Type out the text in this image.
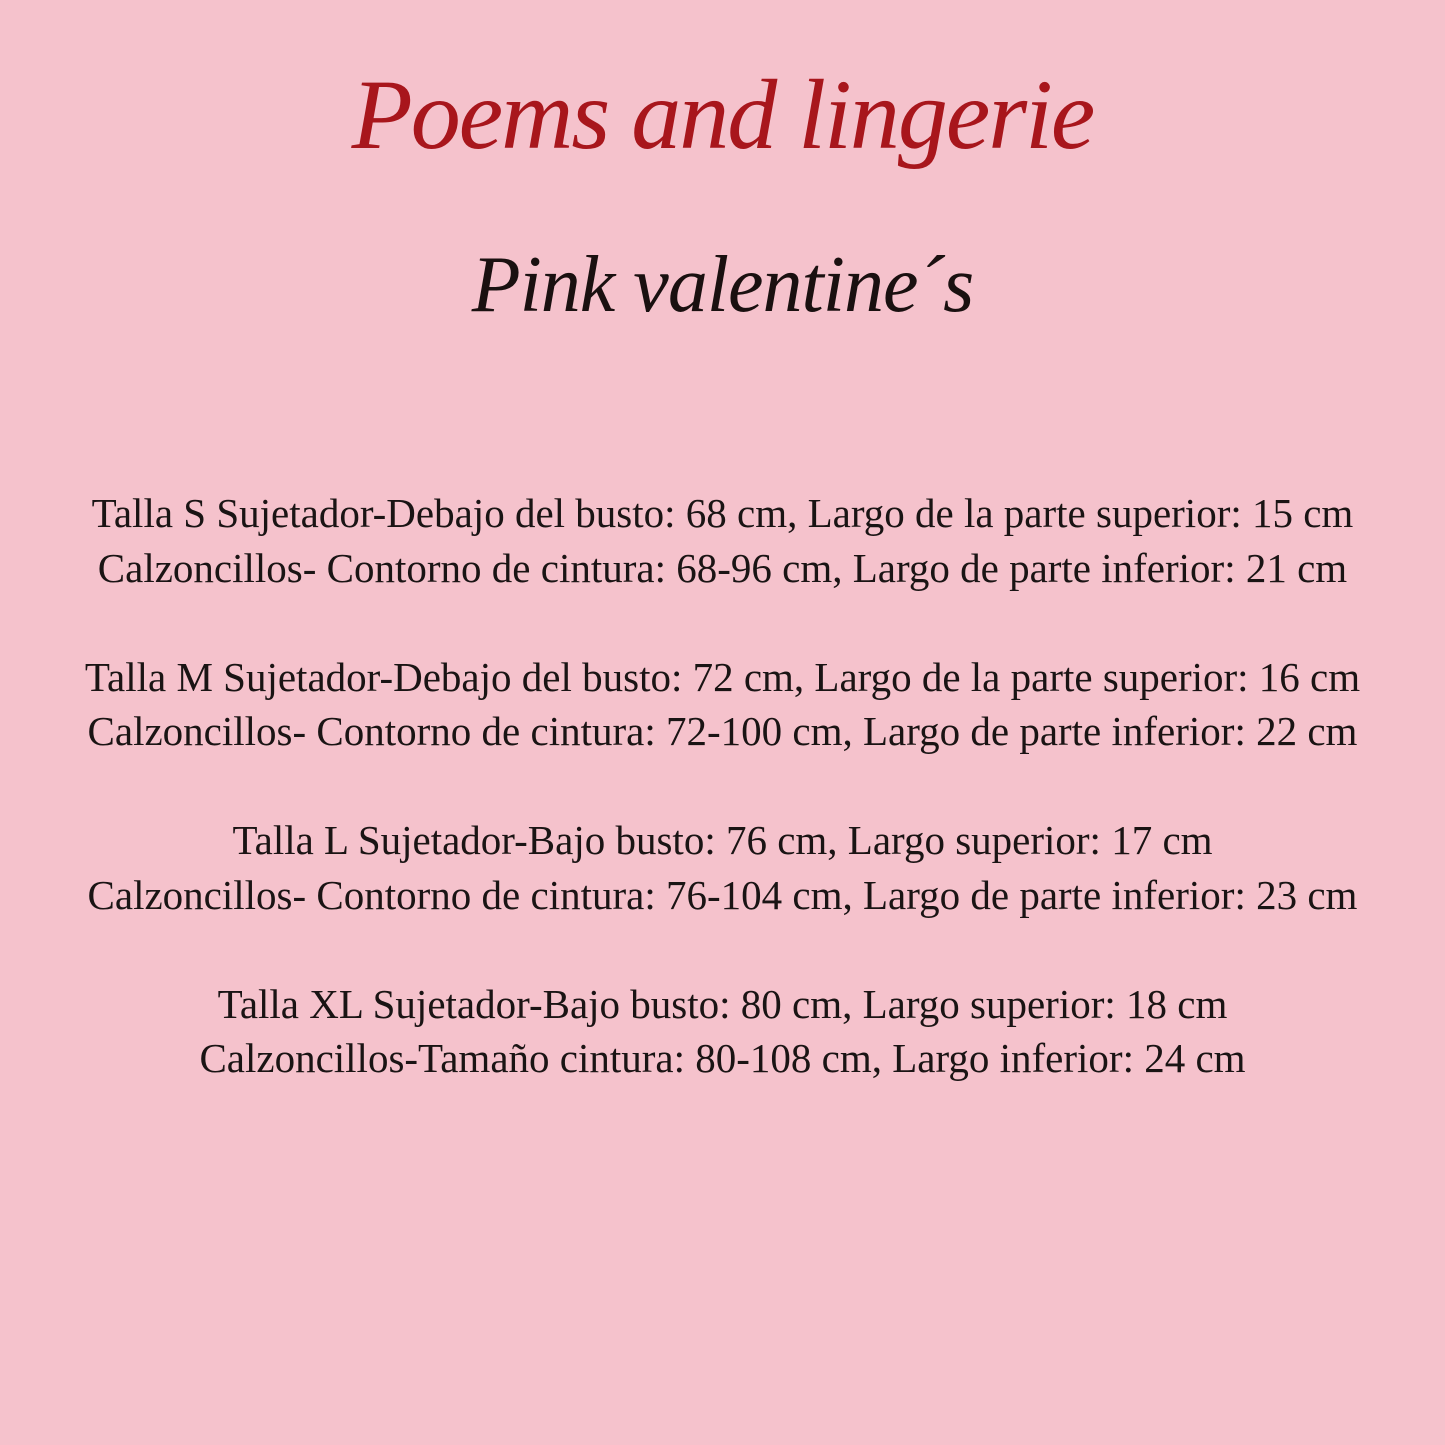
Poems and lingerie
Pink valentine´s
Talla S Sujetador-Debajo del busto: 68 cm, Largo de la parte superior: 15 cm
Calzoncillos- Contorno de cintura: 68-96 cm, Largo de parte inferior: 21 cm
Talla M Sujetador-Debajo del busto: 72 cm, Largo de la parte superior: 16 cm
Calzoncillos- Contorno de cintura: 72-100 cm, Largo de parte inferior: 22 cm
Talla L Sujetador-Bajo busto: 76 cm, Largo superior: 17 cm
Calzoncillos- Contorno de cintura: 76-104 cm, Largo de parte inferior: 23 cm
Talla XL Sujetador-Bajo busto: 80 cm, Largo superior: 18 cm
Calzoncillos-Tamaño cintura: 80-108 cm, Largo inferior: 24 cm
